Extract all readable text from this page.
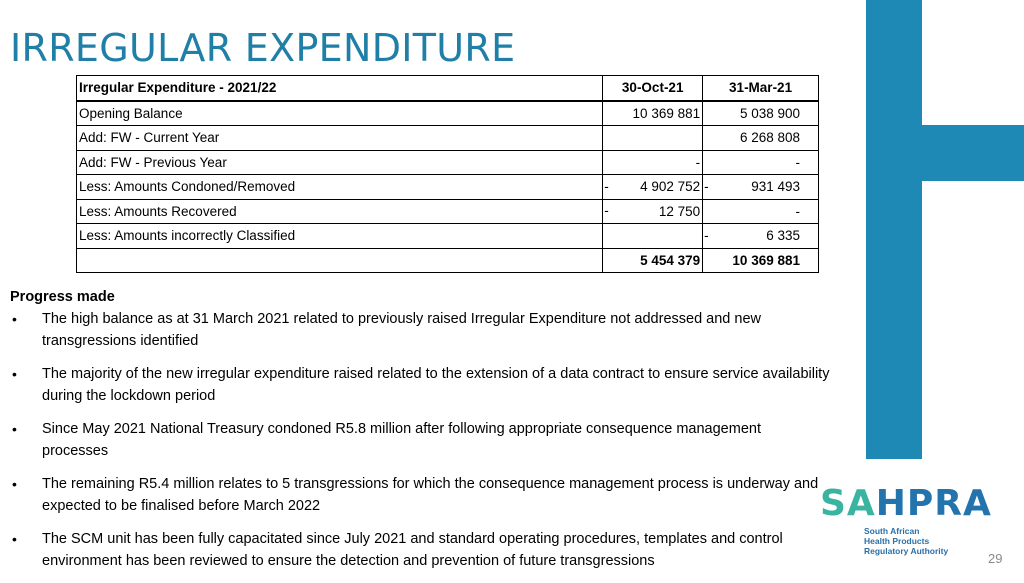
IRREGULAR EXPENDITURE
Irregular Expenditure - 2021/22	30-Oct-21	31-Mar-21
Opening Balance	10 369 881	5 038 900
Add: FW - Current Year		6 268 808
Add: FW - Previous Year	-	-
Less: Amounts Condoned/Removed	- 4 902 752	- 931 493
Less: Amounts Recovered	- 12 750	-
Less: Amounts incorrectly Classified		- 6 335
	5 454 379	10 369 881
Progress made
• The high balance as at 31 March 2021 related to previously raised Irregular Expenditure not addressed and new transgressions identified
• The majority of the new irregular expenditure raised related to the extension of a data contract to ensure service availability during the lockdown period
• Since May 2021 National Treasury condoned R5.8 million after following appropriate consequence management processes
• The remaining R5.4 million relates to 5 transgressions for which the consequence management process is underway and expected to be finalised before March 2022
• The SCM unit has been fully capacitated since July 2021 and standard operating procedures, templates and control environment has been reviewed to ensure the detection and prevention of future transgressions
SAHPRA
South African
Health Products
Regulatory Authority	29
